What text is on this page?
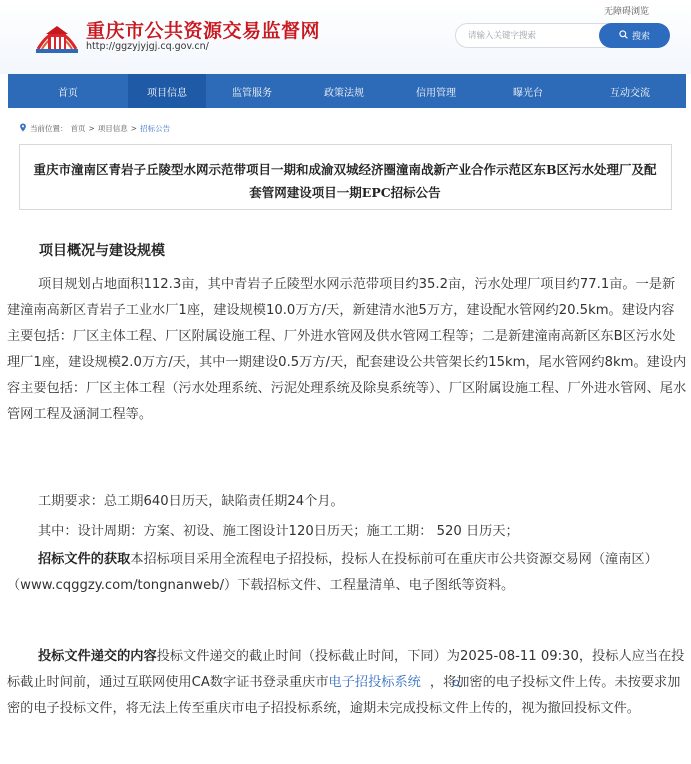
无障碍浏览
重庆市公共资源交易监督网
http://ggzyjyjgj.cq.gov.cn/
请输入关键字搜索
搜索
首页	项目信息	监管服务	政策法规	信用管理	曝光台	互动交流
当前位置： 首页 > 项目信息 > 招标公告
重庆市潼南区青岩子丘陵型水网示范带项目一期和成渝双城经济圈潼南战新产业合作示范区东B区污水处理厂及配套管网建设项目一期EPC招标公告
项目概况与建设规模

项目规划占地面积112.3亩，其中青岩子丘陵型水网示范带项目约35.2亩，污水处理厂项目约77.1亩。一是新建潼南高新区青岩子工业水厂1座，建设规模10.0万方/天，新建清水池5万方，建设配水管网约20.5km。建设内容主要包括：厂区主体工程、厂区附属设施工程、厂外进水管网及供水管网工程等；二是新建潼南高新区东B区污水处理厂1座，建设规模2.0万方/天，其中一期建设0.5万方/天，配套建设公共管架长约15km，尾水管网约8km。建设内容主要包括：厂区主体工程（污水处理系统、污泥处理系统及除臭系统等）、厂区附属设施工程、厂外进水管网、尾水管网工程及涵洞工程等。

工期要求：总工期640日历天，缺陷责任期24个月。

其中：设计周期：方案、初设、施工图设计120日历天；施工工期： 520 日历天；

招标文件的获取本招标项目采用全流程电子招投标，投标人在投标前可在重庆市公共资源交易网（潼南区）（www.cqggzy.com/tongnanweb/）下载招标文件、工程量清单、电子图纸等资料。

投标文件递交的内容投标文件递交的截止时间（投标截止时间，下同）为2025-08-11 09:30，投标人应当在投标截止时间前，通过互联网使用CA数字证书登录重庆市电子招投标系统 ，将加密的电子投标文件上传。未按要求加密的电子投标文件，将无法上传至重庆市电子招投标系统，逾期未完成投标文件上传的，视为撤回投标文件。
